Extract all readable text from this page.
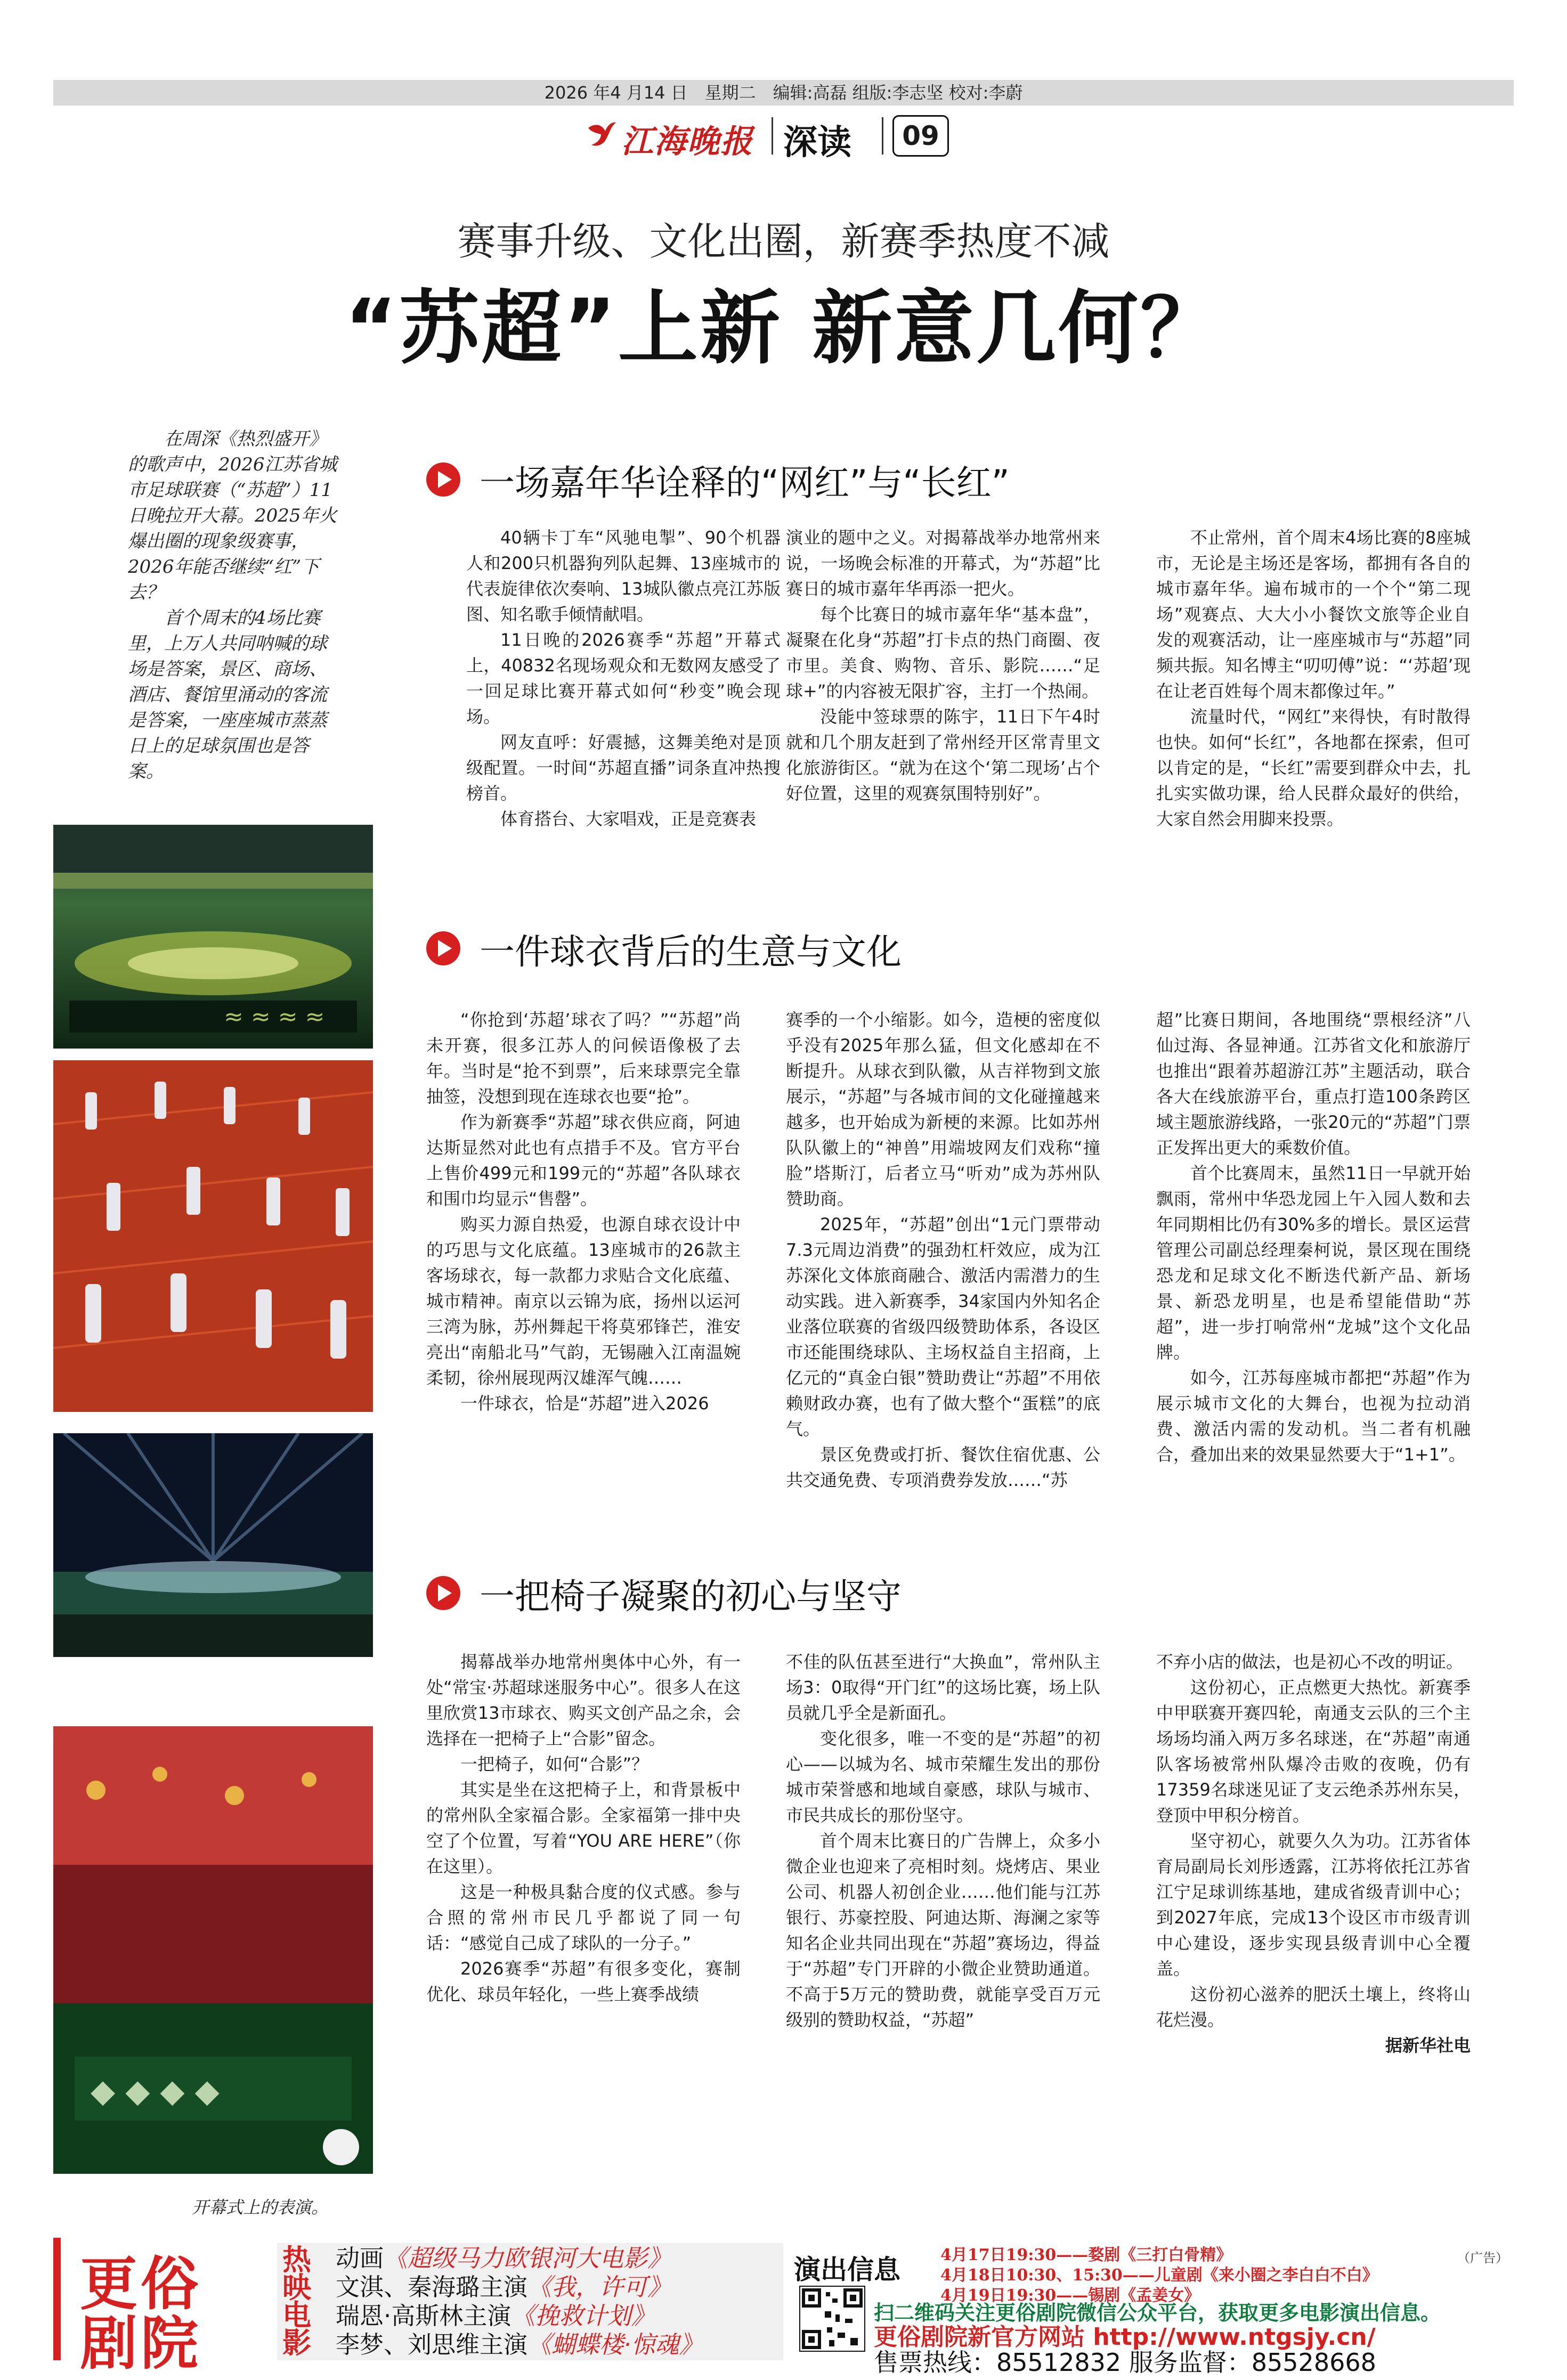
2026 年4 月14 日　星期二　编辑:高磊 组版:李志坚 校对:李蔚
江海晚报 深读	09
赛事升级、文化出圈，新赛季热度不减
“苏超”上新 新意几何？

在周深《热烈盛开》的歌声中，2026江苏省城市足球联赛（“苏超”）11日晚拉开大幕。2025年火爆出圈的现象级赛事，2026年能否继续“红”下去？

首个周末的4场比赛里，上万人共同呐喊的球场是答案，景区、商场、酒店、餐馆里涌动的客流是答案，一座座城市蒸蒸日上的足球氛围也是答案。

≈ ≈ ≈ ≈
◆ ◆ ◆ ◆
开幕式上的表演。
一场嘉年华诠释的“网红”与“长红”

40辆卡丁车“风驰电掣”、90个机器人和200只机器狗列队起舞、13座城市的代表旋律依次奏响、13城队徽点亮江苏版图、知名歌手倾情献唱。

11日晚的2026赛季“苏超”开幕式上，40832名现场观众和无数网友感受了一回足球比赛开幕式如何“秒变”晚会现场。

网友直呼：好震撼，这舞美绝对是顶级配置。一时间“苏超直播”词条直冲热搜榜首。

体育搭台、大家唱戏，正是竞赛表

演业的题中之义。对揭幕战举办地常州来说，一场晚会标准的开幕式，为“苏超”比赛日的城市嘉年华再添一把火。

每个比赛日的城市嘉年华“基本盘”，凝聚在化身“苏超”打卡点的热门商圈、夜市里。美食、购物、音乐、影院……“足球+”的内容被无限扩容，主打一个热闹。

没能中签球票的陈宇，11日下午4时就和几个朋友赶到了常州经开区常青里文化旅游街区。“就为在这个‘第二现场’占个好位置，这里的观赛氛围特别好”。

不止常州，首个周末4场比赛的8座城市，无论是主场还是客场，都拥有各自的城市嘉年华。遍布城市的一个个“第二现场”观赛点、大大小小餐饮文旅等企业自发的观赛活动，让一座座城市与“苏超”同频共振。知名博主“叨叨傅”说：“‘苏超’现在让老百姓每个周末都像过年。”

流量时代，“网红”来得快，有时散得也快。如何“长红”，各地都在探索，但可以肯定的是，“长红”需要到群众中去，扎扎实实做功课，给人民群众最好的供给，大家自然会用脚来投票。

一件球衣背后的生意与文化

“你抢到‘苏超’球衣了吗？”“苏超”尚未开赛，很多江苏人的问候语像极了去年。当时是“抢不到票”，后来球票完全靠抽签，没想到现在连球衣也要“抢”。

作为新赛季“苏超”球衣供应商，阿迪达斯显然对此也有点措手不及。官方平台上售价499元和199元的“苏超”各队球衣和围巾均显示“售罄”。

购买力源自热爱，也源自球衣设计中的巧思与文化底蕴。13座城市的26款主客场球衣，每一款都力求贴合文化底蕴、城市精神。南京以云锦为底，扬州以运河三湾为脉，苏州舞起干将莫邪锋芒，淮安亮出“南船北马”气韵，无锡融入江南温婉柔韧，徐州展现两汉雄浑气魄……

一件球衣，恰是“苏超”进入2026

赛季的一个小缩影。如今，造梗的密度似乎没有2025年那么猛，但文化感却在不断提升。从球衣到队徽，从吉祥物到文旅展示，“苏超”与各城市间的文化碰撞越来越多，也开始成为新梗的来源。比如苏州队队徽上的“神兽”用端坡网友们戏称“撞脸”塔斯汀，后者立马“听劝”成为苏州队赞助商。

2025年，“苏超”创出“1元门票带动7.3元周边消费”的强劲杠杆效应，成为江苏深化文体旅商融合、激活内需潜力的生动实践。进入新赛季，34家国内外知名企业落位联赛的省级四级赞助体系，各设区市还能围绕球队、主场权益自主招商，上亿元的“真金白银”赞助费让“苏超”不用依赖财政办赛，也有了做大整个“蛋糕”的底气。

景区免费或打折、餐饮住宿优惠、公共交通免费、专项消费券发放……“苏

超”比赛日期间，各地围绕“票根经济”八仙过海、各显神通。江苏省文化和旅游厅也推出“跟着苏超游江苏”主题活动，联合各大在线旅游平台，重点打造100条跨区域主题旅游线路，一张20元的“苏超”门票正发挥出更大的乘数价值。

首个比赛周末，虽然11日一早就开始飘雨，常州中华恐龙园上午入园人数和去年同期相比仍有30%多的增长。景区运营管理公司副总经理秦柯说，景区现在围绕恐龙和足球文化不断迭代新产品、新场景、新恐龙明星，也是希望能借助“苏超”，进一步打响常州“龙城”这个文化品牌。

如今，江苏每座城市都把“苏超”作为展示城市文化的大舞台，也视为拉动消费、激活内需的发动机。当二者有机融合，叠加出来的效果显然要大于“1+1”。

一把椅子凝聚的初心与坚守

揭幕战举办地常州奥体中心外，有一处“常宝·苏超球迷服务中心”。很多人在这里欣赏13市球衣、购买文创产品之余，会选择在一把椅子上“合影”留念。

一把椅子，如何“合影”？

其实是坐在这把椅子上，和背景板中的常州队全家福合影。全家福第一排中央空了个位置，写着“YOU ARE HERE”（你在这里）。

这是一种极具黏合度的仪式感。参与合照的常州市民几乎都说了同一句话：“感觉自己成了球队的一分子。”

2026赛季“苏超”有很多变化，赛制优化、球员年轻化，一些上赛季战绩

不佳的队伍甚至进行“大换血”，常州队主场3：0取得“开门红”的这场比赛，场上队员就几乎全是新面孔。

变化很多，唯一不变的是“苏超”的初心——以城为名、城市荣耀生发出的那份城市荣誉感和地域自豪感，球队与城市、市民共成长的那份坚守。

首个周末比赛日的广告牌上，众多小微企业也迎来了亮相时刻。烧烤店、果业公司、机器人初创企业……他们能与江苏银行、苏豪控股、阿迪达斯、海澜之家等知名企业共同出现在“苏超”赛场边，得益于“苏超”专门开辟的小微企业赞助通道。不高于5万元的赞助费，就能享受百万元级别的赞助权益，“苏超”

不弃小店的做法，也是初心不改的明证。

这份初心，正点燃更大热忱。新赛季中甲联赛开赛四轮，南通支云队的三个主场场均涌入两万多名球迷，在“苏超”南通队客场被常州队爆冷击败的夜晚，仍有17359名球迷见证了支云绝杀苏州东吴，登顶中甲积分榜首。

坚守初心，就要久久为功。江苏省体育局副局长刘彤透露，江苏将依托江苏省江宁足球训练基地，建成省级青训中心；到2027年底，完成13个设区市市级青训中心建设，逐步实现县级青训中心全覆盖。

这份初心滋养的肥沃土壤上，终将山花烂漫。

据新华社电

更俗
剧院
热映电影
动画《超级马力欧银河大电影》
文淇、秦海璐主演《我，许可》
瑞恩·高斯林主演《挽救计划》
李梦、刘思维主演《蝴蝶楼·惊魂》
演出信息	4月17日19:30——婺剧《三打白骨精》
4月18日10:30、15:30——儿童剧《来小圈之李白白不白》
4月19日19:30——锡剧《孟姜女》
（广告）
扫二维码关注更俗剧院微信公众平台，获取更多电影演出信息。
更俗剧院新官方网站 http://www.ntgsjy.cn/
售票热线：85512832 服务监督：85528668
